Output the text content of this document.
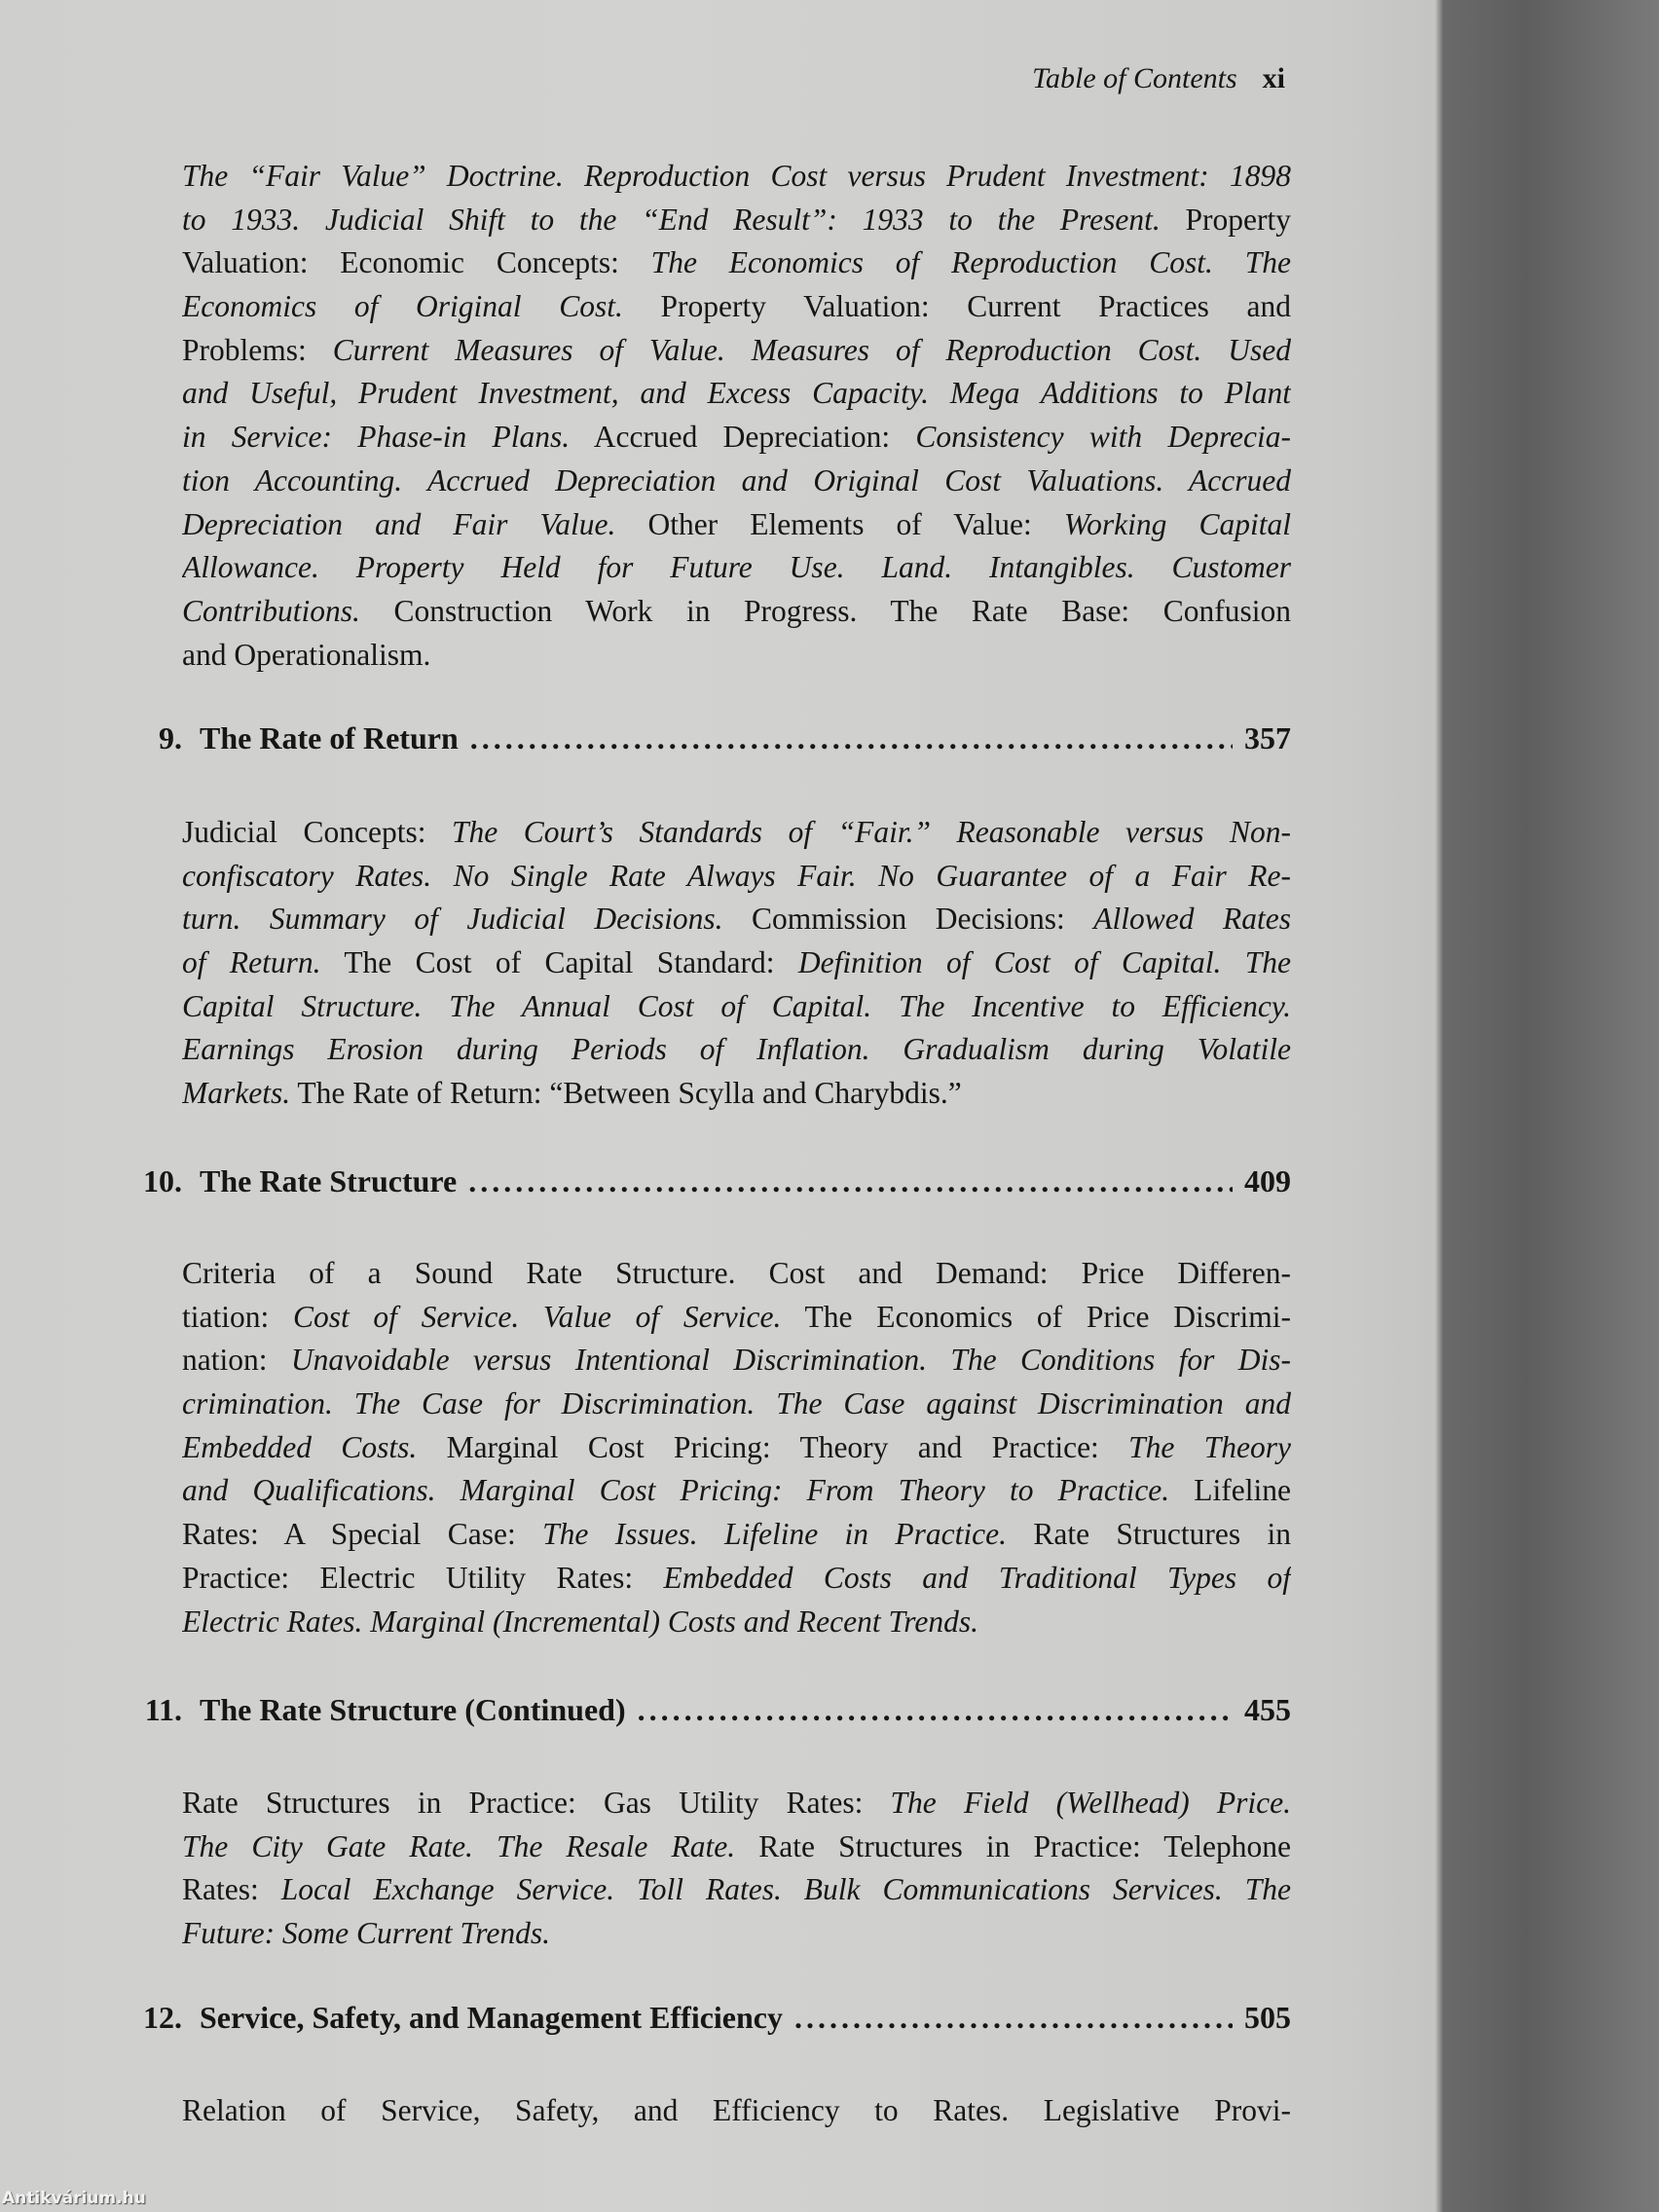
Table of Contents xi
The “Fair Value” Doctrine. Reproduction Cost versus Prudent Investment: 1898
to 1933. Judicial Shift to the “End Result”: 1933 to the Present. Property
Valuation: Economic Concepts: The Economics of Reproduction Cost. The
Economics of Original Cost. Property Valuation: Current Practices and
Problems: Current Measures of Value. Measures of Reproduction Cost. Used
and Useful, Prudent Investment, and Excess Capacity. Mega Additions to Plant
in Service: Phase-in Plans. Accrued Depreciation: Consistency with Deprecia-
tion Accounting. Accrued Depreciation and Original Cost Valuations. Accrued
Depreciation and Fair Value. Other Elements of Value: Working Capital
Allowance. Property Held for Future Use. Land. Intangibles. Customer
Contributions. Construction Work in Progress. The Rate Base: Confusion
and Operationalism.
9. The Rate of Return .....	357
Judicial Concepts: The Court’s Standards of “Fair.” Reasonable versus Non-
confiscatory Rates. No Single Rate Always Fair. No Guarantee of a Fair Re-
turn. Summary of Judicial Decisions. Commission Decisions: Allowed Rates
of Return. The Cost of Capital Standard: Definition of Cost of Capital. The
Capital Structure. The Annual Cost of Capital. The Incentive to Efficiency.
Earnings Erosion during Periods of Inflation. Gradualism during Volatile
Markets. The Rate of Return: “Between Scylla and Charybdis.”
10. The Rate Structure .....	409
Criteria of a Sound Rate Structure. Cost and Demand: Price Differen-
tiation: Cost of Service. Value of Service. The Economics of Price Discrimi-
nation: Unavoidable versus Intentional Discrimination. The Conditions for Dis-
crimination. The Case for Discrimination. The Case against Discrimination and
Embedded Costs. Marginal Cost Pricing: Theory and Practice: The Theory
and Qualifications. Marginal Cost Pricing: From Theory to Practice. Lifeline
Rates: A Special Case: The Issues. Lifeline in Practice. Rate Structures in
Practice: Electric Utility Rates: Embedded Costs and Traditional Types of
Electric Rates. Marginal (Incremental) Costs and Recent Trends.
11. The Rate Structure (Continued) .....	455
Rate Structures in Practice: Gas Utility Rates: The Field (Wellhead) Price.
The City Gate Rate. The Resale Rate. Rate Structures in Practice: Telephone
Rates: Local Exchange Service. Toll Rates. Bulk Communications Services. The
Future: Some Current Trends.
12. Service, Safety, and Management Efficiency .....	505
Relation of Service, Safety, and Efficiency to Rates. Legislative Provi-
Antikvárium.hu
